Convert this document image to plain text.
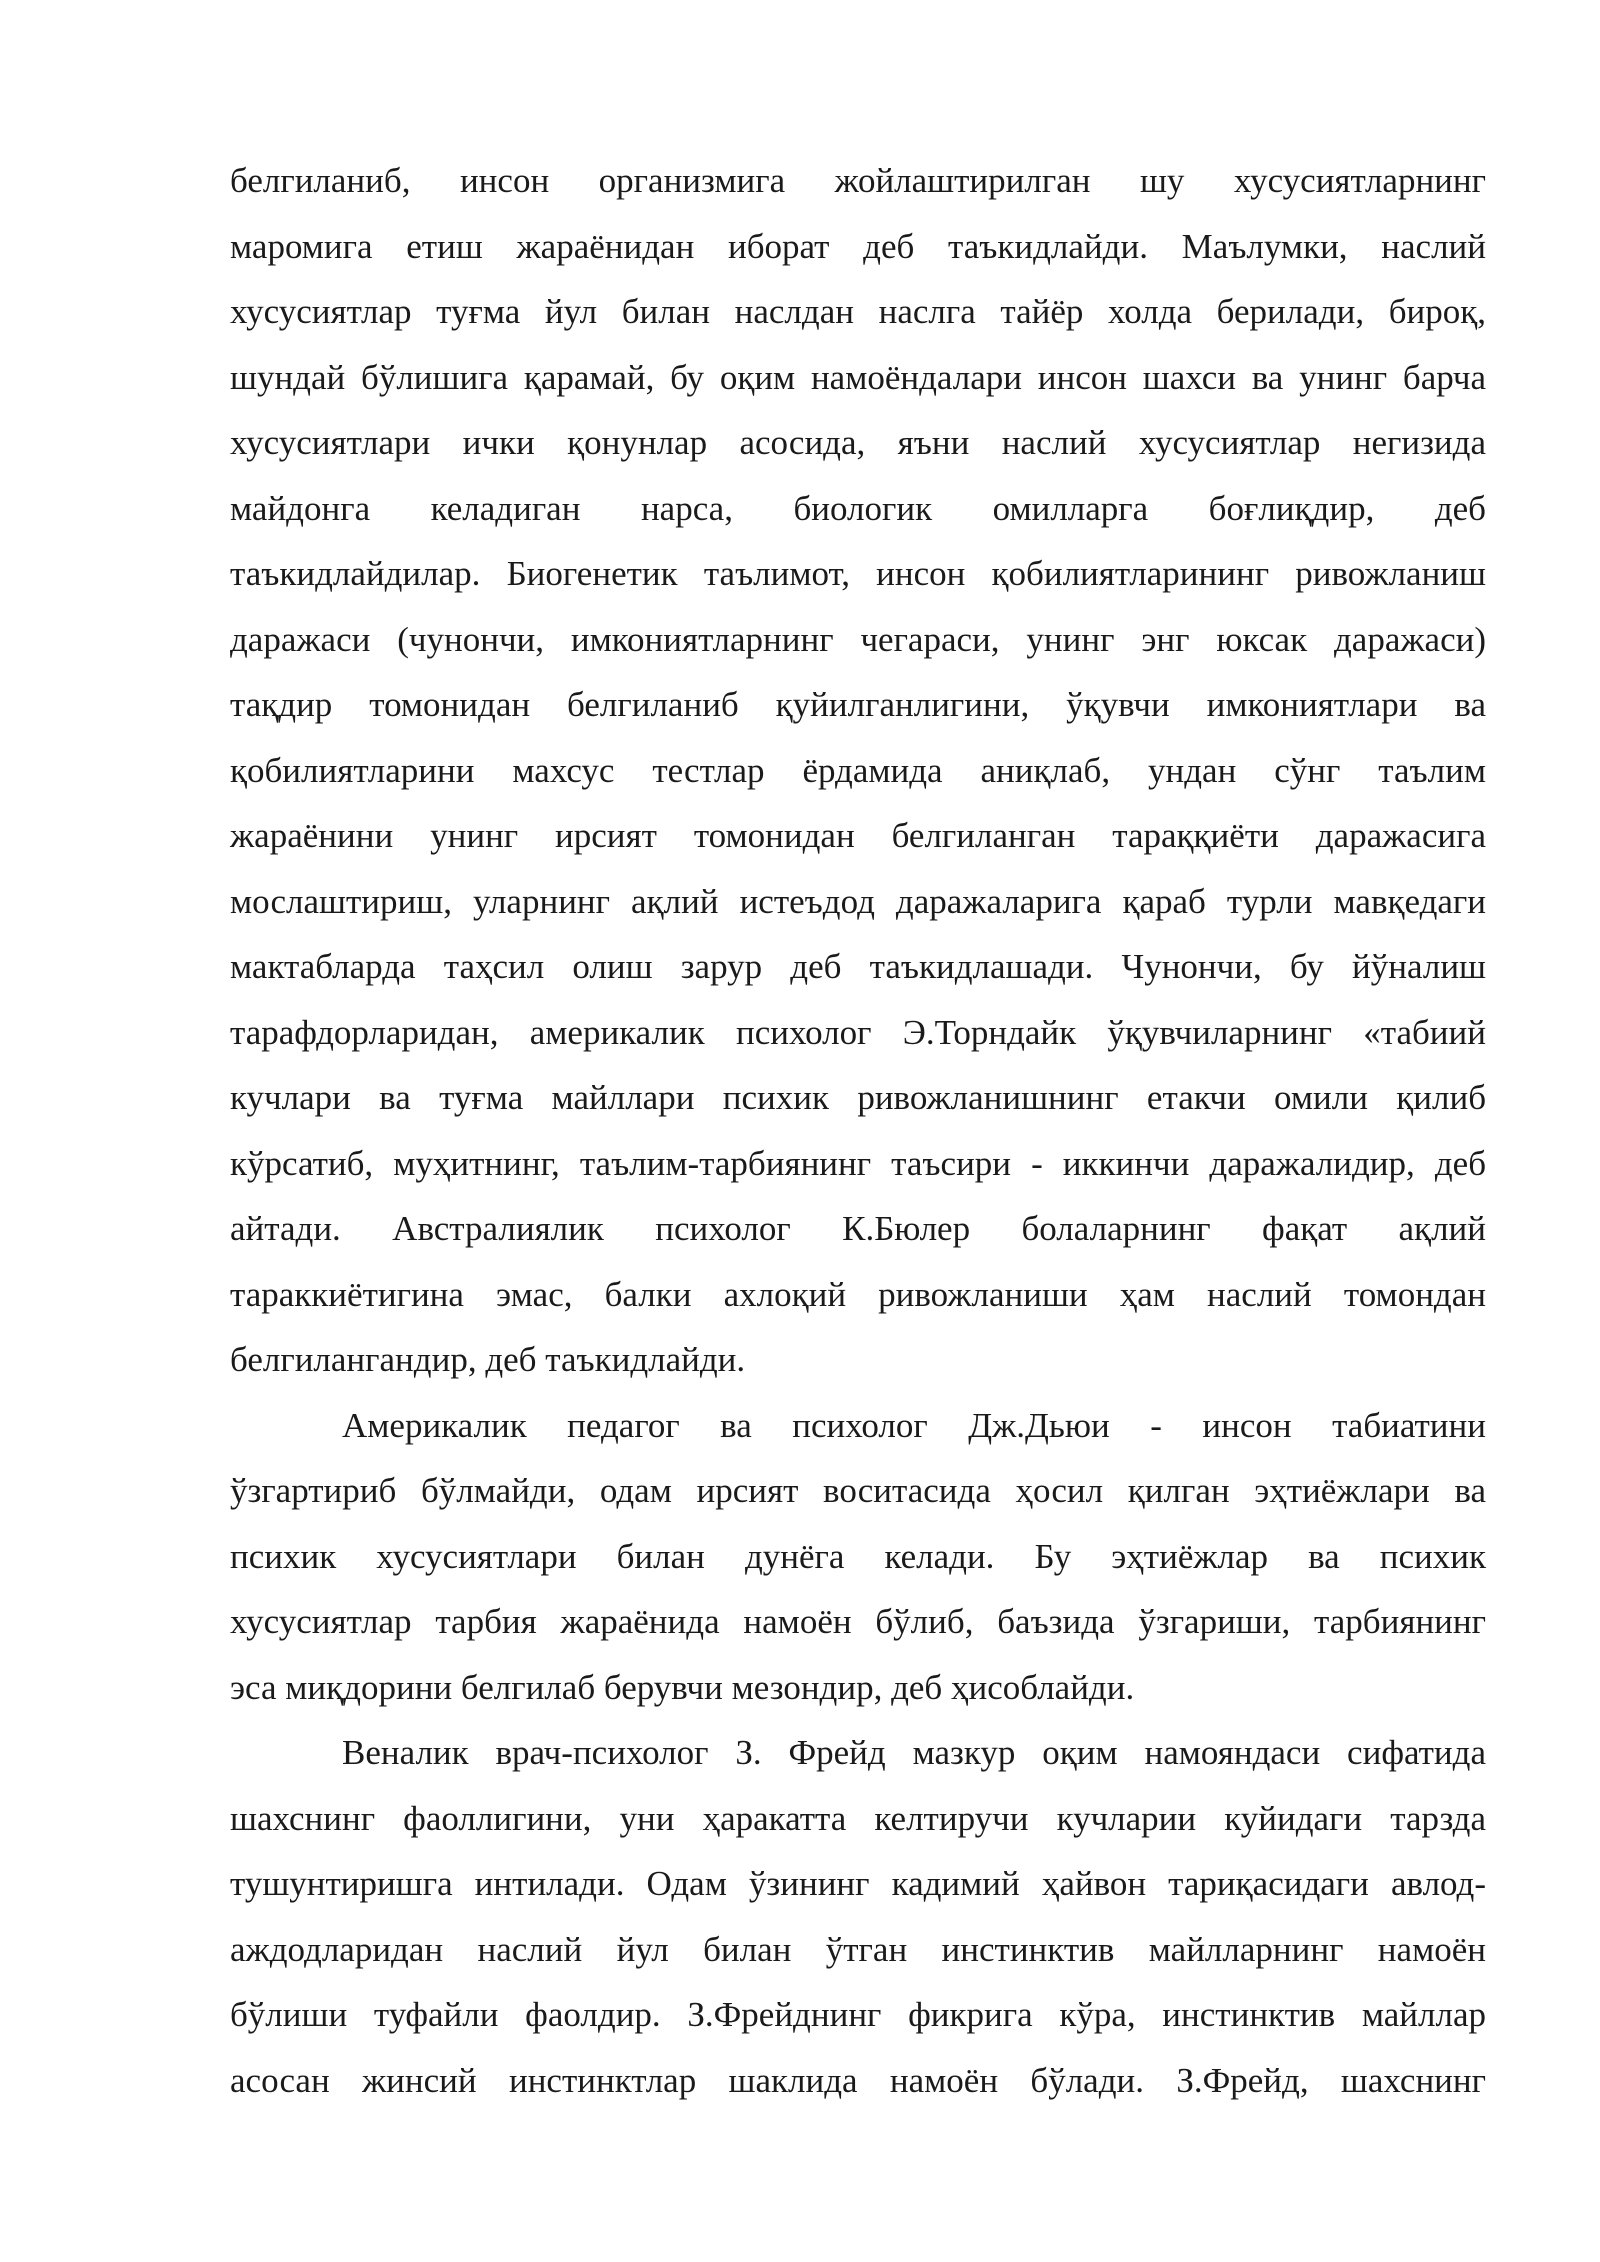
белгиланиб, инсон организмига жойлаштирилган шу хусусиятларнинг
маромига етиш жараёнидан иборат деб таъкидлайди. Маълумки, наслий
хусусиятлар туғма йул билан наслдан наслга тайёр холда берилади, бироқ,
шундай бўлишига қарамай, бу оқим намоёндалари инсон шахси ва унинг барча
хусусиятлари ички қонунлар асосида, яъни наслий хусусиятлар негизида
майдонга келадиган нарса, биологик омилларга боғлиқдир, деб
таъкидлайдилар. Биогенетик таълимот, инсон қобилиятларининг ривожланиш
даражаси (чунончи, имкониятларнинг чегараси, унинг энг юксак даражаси)
тақдир томонидан белгиланиб қуйилганлигини, ўқувчи имкониятлари ва
қобилиятларини махсус тестлар ёрдамида аниқлаб, ундан сўнг таълим
жараёнини унинг ирсият томонидан белгиланган тараққиёти даражасига
мослаштириш, уларнинг ақлий истеъдод даражаларига қараб турли мавқедаги
мактабларда таҳсил олиш зарур деб таъкидлашади. Чунончи, бу йўналиш
тарафдорларидан, америкалик психолог Э.Торндайк ўқувчиларнинг «табиий
кучлари ва туғма майллари психик ривожланишнинг етакчи омили қилиб
кўрсатиб, муҳитнинг, таълим-тарбиянинг таъсири - иккинчи даражалидир, деб
айтади. Австралиялик психолог К.Бюлер болаларнинг фақат ақлий
тараккиётигина эмас, балки ахлоқий ривожланиши ҳам наслий томондан
белгилангандир, деб таъкидлайди.

Америкалик педагог ва психолог Дж.Дьюи - инсон табиатини
ўзгартириб бўлмайди, одам ирсият воситасида ҳосил қилган эҳтиёжлари ва
психик хусусиятлари билан дунёга келади. Бу эҳтиёжлар ва психик
хусусиятлар тарбия жараёнида намоён бўлиб, баъзида ўзгариши, тарбиянинг
эса миқдорини белгилаб берувчи мезондир, деб ҳисоблайди.

Веналик врач-психолог З. Фрейд мазкур оқим намояндаси сифатида
шахснинг фаоллигини, уни ҳаракатта келтиручи кучларии куйидаги тарзда
тушунтиришга интилади. Одам ўзининг кадимий ҳайвон тариқасидаги авлод-
аждодларидан наслий йул билан ўтган инстинктив майлларнинг намоён
бўлиши туфайли фаолдир. З.Фрейднинг фикрига кўра, инстинктив майллар
асосан жинсий инстинктлар шаклида намоён бўлади. З.Фрейд, шахснинг
